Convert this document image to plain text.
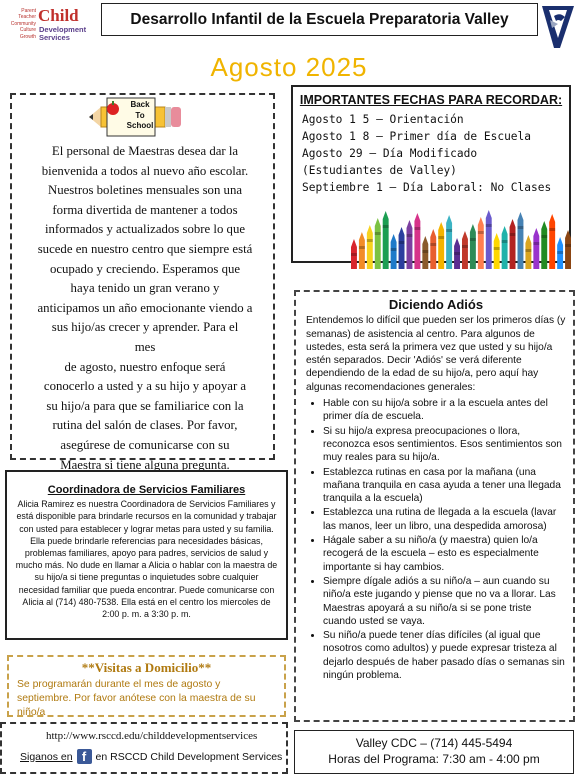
Parent
Teacher
Community
Culture
Growth
Child
Development
Services
Desarrollo Infantil de la Escuela Preparatoria Valley
Agosto 2025
Back
To
School
El personal de Maestras desea dar la
bienvenida a todos al nuevo año escolar.
Nuestros boletines mensuales son una
forma divertida de mantener a todos
informados y actualizados sobre lo que
sucede en nuestro centro que siempre está
ocupado y creciendo. Esperamos que
haya tenido un gran verano y
anticipamos un año emocionante viendo a
sus hijo/as crecer y aprender. Para el
mes
de agosto, nuestro enfoque será
conocerlo a usted y a su hijo y apoyar a
su hijo/a para que se familiarice con la
rutina del salón de clases. Por favor,
asegúrese de comunicarse con su
Maestra si tiene alguna pregunta.
IMPORTANTES FECHAS PARA RECORDAR:
Agosto 1 5 – Orientación
Agosto 1 8 – Primer día de Escuela
Agosto 29 – Día Modificado
(Estudiantes de Valley)
Septiembre 1 – Día Laboral: No Clases
Diciendo Adiós
Entendemos lo difícil que pueden ser los primeros días (y semanas) de asistencia al centro. Para algunos de ustedes, esta será la primera vez que usted y su hijo/a estén separados. Decir 'Adiós' se verá diferente dependiendo de la edad de su hijo/a, pero aquí hay algunas recomendaciones generales:
• Hable con su hijo/a sobre ir a la escuela antes del primer día de escuela.
• Si su hijo/a expresa preocupaciones o llora, reconozca esos sentimientos. Esos sentimientos son muy reales para su hijo/a.
• Establezca rutinas en casa por la mañana (una mañana tranquila en casa ayuda a tener una llegada tranquila a la escuela)
• Establezca una rutina de llegada a la escuela (lavar las manos, leer un libro, una despedida amorosa)
• Hágale saber a su niño/a (y maestra) quien lo/a recogerá de la escuela – esto es especialmente importante si hay cambios.
• Siempre dígale adiós a su niño/a – aun cuando su niño/a este jugando y piense que no va a llorar. Las Maestras apoyará a su niño/a si se pone triste cuando usted se vaya.
• Su niño/a puede tener días difíciles (al igual que nosotros como adultos) y puede expresar tristeza al dejarlo después de haber pasado días o semanas sin ningún problema.
Coordinadora de Servicios Familiares
Alicia Ramirez es nuestra Coordinadora de Servicios Familiares y está disponible para brindarle recursos en la comunidad y trabajar con usted para establecer y lograr metas para usted y su familia. Ella puede brindarle referencias para necesidades básicas, problemas familiares, apoyo para padres, servicios de salud y mucho más. No dude en llamar a Alicia o hablar con la maestra de su hijo/a si tiene preguntas o inquietudes sobre cualquier necesidad familiar que pueda encontrar. Puede comunicarse con Alicia al (714) 480-7538. Ella está en el centro los miercoles de 2:00 p. m. a 3:30 p. m.
**Visitas a Domicilio**

Se programarán durante el mes de agosto y septiembre. Por favor anótese con la maestra de su niño/a

http://www.rsccd.edu/childdevelopmentservices
Siganos en f en RSCCD Child Development Services
Valley CDC – (714) 445-5494
Horas del Programa: 7:30 am - 4:00 pm
